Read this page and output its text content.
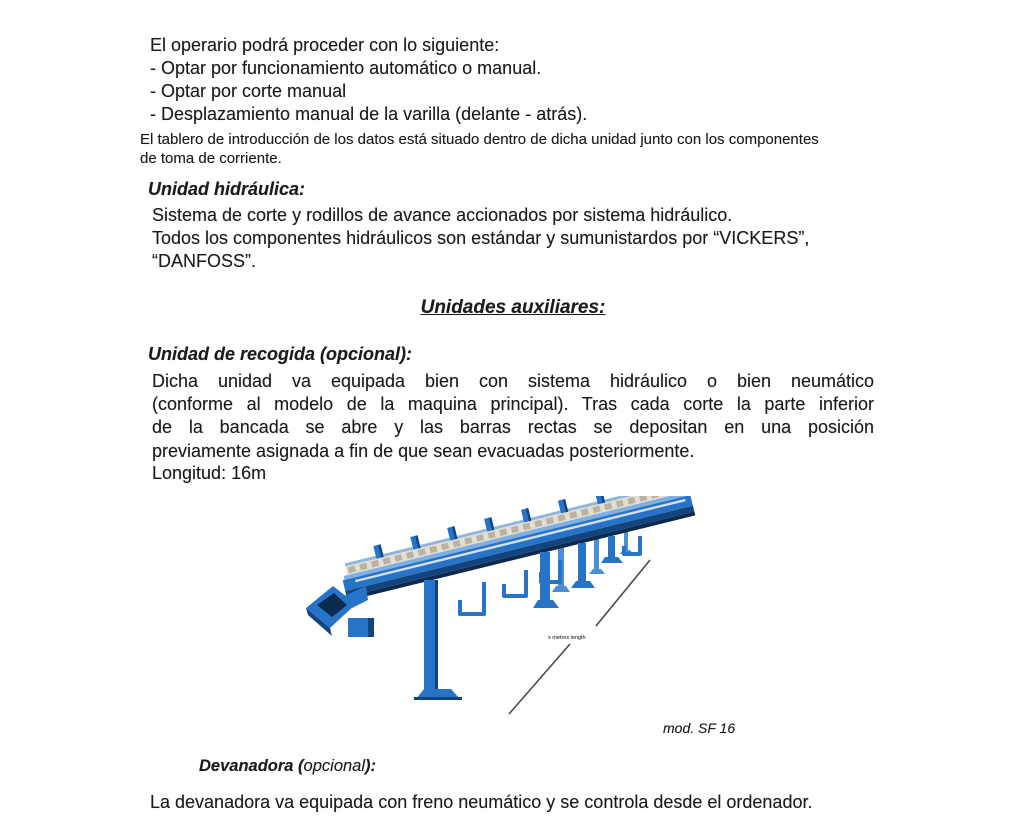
El operario podrá proceder con lo siguiente:
- Optar por funcionamiento automático o manual.
- Optar por corte manual
- Desplazamiento manual de la varilla (delante - atrás).
El tablero de introducción de los datos está situado dentro de dicha unidad junto con los componentes
de toma de corriente.
Unidad hidráulica:
Sistema de corte y rodillos de avance accionados por sistema hidráulico.
Todos los componentes hidráulicos son estándar y sumunistardos por “VICKERS”,
“DANFOSS”.
Unidades auxiliares:
Unidad de recogida (opcional):
Dicha unidad va equipada bien con sistema hidráulico o bien neumático
(conforme al modelo de la maquina principal). Tras cada corte la parte inferior
de la bancada se abre y las barras rectas se depositan en una posición
previamente asignada a fin de que sean evacuadas posteriormente.
Longitud: 16m
x metres length
mod. SF 16
Devanadora (opcional):
La devanadora va equipada con freno neumático y se controla desde el ordenador.
